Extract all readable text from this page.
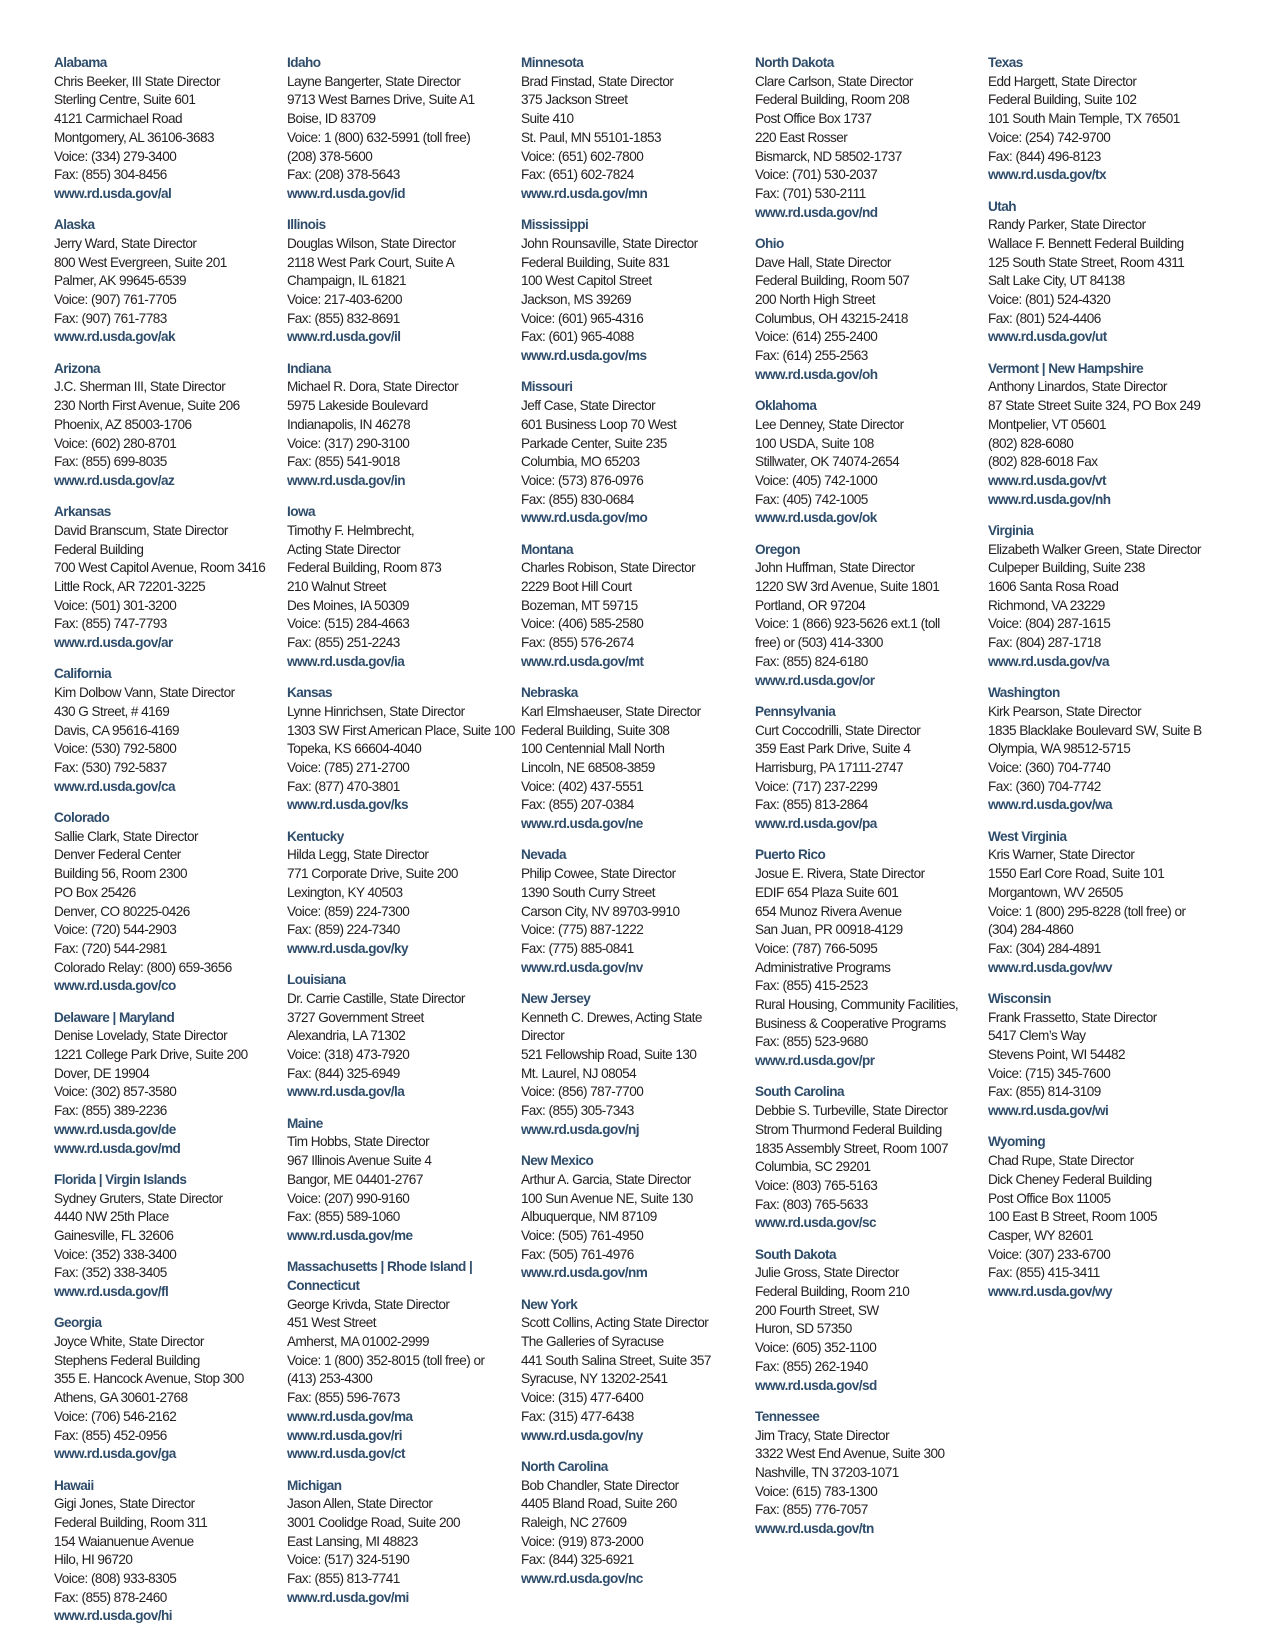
Alabama
Chris Beeker, III State Director
Sterling Centre, Suite 601
4121 Carmichael Road
Montgomery, AL 36106-3683
Voice: (334) 279-3400
Fax: (855) 304-8456
www.rd.usda.gov/al
Alaska
Jerry Ward, State Director
800 West Evergreen, Suite 201
Palmer, AK 99645-6539
Voice: (907) 761-7705
Fax: (907) 761-7783
www.rd.usda.gov/ak
Arizona
J.C. Sherman III, State Director
230 North First Avenue, Suite 206
Phoenix, AZ 85003-1706
Voice: (602) 280-8701
Fax: (855) 699-8035
www.rd.usda.gov/az
Arkansas
David Branscum, State Director
Federal Building
700 West Capitol Avenue, Room 3416
Little Rock, AR 72201-3225
Voice: (501) 301-3200
Fax: (855) 747-7793
www.rd.usda.gov/ar
California
Kim Dolbow Vann, State Director
430 G Street, # 4169
Davis, CA 95616-4169
Voice: (530) 792-5800
Fax: (530) 792-5837
www.rd.usda.gov/ca
Colorado
Sallie Clark, State Director
Denver Federal Center
Building 56, Room 2300
PO Box 25426
Denver, CO 80225-0426
Voice: (720) 544-2903
Fax: (720) 544-2981
Colorado Relay: (800) 659-3656
www.rd.usda.gov/co
Delaware | Maryland
Denise Lovelady, State Director
1221 College Park Drive, Suite 200
Dover, DE 19904
Voice: (302) 857-3580
Fax: (855) 389-2236
www.rd.usda.gov/de
www.rd.usda.gov/md
Florida | Virgin Islands
Sydney Gruters, State Director
4440 NW 25th Place
Gainesville, FL 32606
Voice: (352) 338-3400
Fax: (352) 338-3405
www.rd.usda.gov/fl
Georgia
Joyce White, State Director
Stephens Federal Building
355 E. Hancock Avenue, Stop 300
Athens, GA 30601-2768
Voice: (706) 546-2162
Fax: (855) 452-0956
www.rd.usda.gov/ga
Hawaii
Gigi Jones, State Director
Federal Building, Room 311
154 Waianuenue Avenue
Hilo, HI 96720
Voice: (808) 933-8305
Fax: (855) 878-2460
www.rd.usda.gov/hi
Idaho
Layne Bangerter, State Director
9713 West Barnes Drive, Suite A1
Boise, ID 83709
Voice: 1 (800) 632-5991 (toll free)
(208) 378-5600
Fax: (208) 378-5643
www.rd.usda.gov/id
Illinois
Douglas Wilson, State Director
2118 West Park Court, Suite A
Champaign, IL 61821
Voice: 217-403-6200
Fax: (855) 832-8691
www.rd.usda.gov/il
Indiana
Michael R. Dora, State Director
5975 Lakeside Boulevard
Indianapolis, IN 46278
Voice: (317) 290-3100
Fax: (855) 541-9018
www.rd.usda.gov/in
Iowa
Timothy F. Helmbrecht,
Acting State Director
Federal Building, Room 873
210 Walnut Street
Des Moines, IA 50309
Voice: (515) 284-4663
Fax: (855) 251-2243
www.rd.usda.gov/ia
Kansas
Lynne Hinrichsen, State Director
1303 SW First American Place, Suite 100
Topeka, KS 66604-4040
Voice: (785) 271-2700
Fax: (877) 470-3801
www.rd.usda.gov/ks
Kentucky
Hilda Legg, State Director
771 Corporate Drive, Suite 200
Lexington, KY 40503
Voice: (859) 224-7300
Fax: (859) 224-7340
www.rd.usda.gov/ky
Louisiana
Dr. Carrie Castille, State Director
3727 Government Street
Alexandria, LA 71302
Voice: (318) 473-7920
Fax: (844) 325-6949
www.rd.usda.gov/la
Maine
Tim Hobbs, State Director
967 Illinois Avenue Suite 4
Bangor, ME 04401-2767
Voice: (207) 990-9160
Fax: (855) 589-1060
www.rd.usda.gov/me
Massachusetts | Rhode Island | Connecticut
George Krivda, State Director
451 West Street
Amherst, MA 01002-2999
Voice: 1 (800) 352-8015 (toll free) or
(413) 253-4300
Fax: (855) 596-7673
www.rd.usda.gov/ma
www.rd.usda.gov/ri
www.rd.usda.gov/ct
Michigan
Jason Allen, State Director
3001 Coolidge Road, Suite 200
East Lansing, MI 48823
Voice: (517) 324-5190
Fax: (855) 813-7741
www.rd.usda.gov/mi
Minnesota
Brad Finstad, State Director
375 Jackson Street
Suite 410
St. Paul, MN 55101-1853
Voice: (651) 602-7800
Fax: (651) 602-7824
www.rd.usda.gov/mn
Mississippi
John Rounsaville, State Director
Federal Building, Suite 831
100 West Capitol Street
Jackson, MS 39269
Voice: (601) 965-4316
Fax: (601) 965-4088
www.rd.usda.gov/ms
Missouri
Jeff Case, State Director
601 Business Loop 70 West
Parkade Center, Suite 235
Columbia, MO 65203
Voice: (573) 876-0976
Fax: (855) 830-0684
www.rd.usda.gov/mo
Montana
Charles Robison, State Director
2229 Boot Hill Court
Bozeman, MT 59715
Voice: (406) 585-2580
Fax: (855) 576-2674
www.rd.usda.gov/mt
Nebraska
Karl Elmshaeuser, State Director
Federal Building, Suite 308
100 Centennial Mall North
Lincoln, NE 68508-3859
Voice: (402) 437-5551
Fax: (855) 207-0384
www.rd.usda.gov/ne
Nevada
Philip Cowee, State Director
1390 South Curry Street
Carson City, NV 89703-9910
Voice: (775) 887-1222
Fax: (775) 885-0841
www.rd.usda.gov/nv
New Jersey
Kenneth C. Drewes, Acting State
Director
521 Fellowship Road, Suite 130
Mt. Laurel, NJ 08054
Voice: (856) 787-7700
Fax: (855) 305-7343
www.rd.usda.gov/nj
New Mexico
Arthur A. Garcia, State Director
100 Sun Avenue NE, Suite 130
Albuquerque, NM 87109
Voice: (505) 761-4950
Fax: (505) 761-4976
www.rd.usda.gov/nm
New York
Scott Collins, Acting State Director
The Galleries of Syracuse
441 South Salina Street, Suite 357
Syracuse, NY 13202-2541
Voice: (315) 477-6400
Fax: (315) 477-6438
www.rd.usda.gov/ny
North Carolina
Bob Chandler, State Director
4405 Bland Road, Suite 260
Raleigh, NC 27609
Voice: (919) 873-2000
Fax: (844) 325-6921
www.rd.usda.gov/nc
North Dakota
Clare Carlson, State Director
Federal Building, Room 208
Post Office Box 1737
220 East Rosser
Bismarck, ND 58502-1737
Voice: (701) 530-2037
Fax: (701) 530-2111
www.rd.usda.gov/nd
Ohio
Dave Hall, State Director
Federal Building, Room 507
200 North High Street
Columbus, OH 43215-2418
Voice: (614) 255-2400
Fax: (614) 255-2563
www.rd.usda.gov/oh
Oklahoma
Lee Denney, State Director
100 USDA, Suite 108
Stillwater, OK 74074-2654
Voice: (405) 742-1000
Fax: (405) 742-1005
www.rd.usda.gov/ok
Oregon
John Huffman, State Director
1220 SW 3rd Avenue, Suite 1801
Portland, OR 97204
Voice: 1 (866) 923-5626 ext.1 (toll
free) or (503) 414-3300
Fax: (855) 824-6180
www.rd.usda.gov/or
Pennsylvania
Curt Coccodrilli, State Director
359 East Park Drive, Suite 4
Harrisburg, PA 17111-2747
Voice: (717) 237-2299
Fax: (855) 813-2864
www.rd.usda.gov/pa
Puerto Rico
Josue E. Rivera, State Director
EDIF 654 Plaza Suite 601
654 Munoz Rivera Avenue
San Juan, PR 00918-4129
Voice: (787) 766-5095
Administrative Programs
Fax: (855) 415-2523
Rural Housing, Community Facilities,
Business & Cooperative Programs
Fax: (855) 523-9680
www.rd.usda.gov/pr
South Carolina
Debbie S. Turbeville, State Director
Strom Thurmond Federal Building
1835 Assembly Street, Room 1007
Columbia, SC 29201
Voice: (803) 765-5163
Fax: (803) 765-5633
www.rd.usda.gov/sc
South Dakota
Julie Gross, State Director
Federal Building, Room 210
200 Fourth Street, SW
Huron, SD 57350
Voice: (605) 352-1100
Fax: (855) 262-1940
www.rd.usda.gov/sd
Tennessee
Jim Tracy, State Director
3322 West End Avenue, Suite 300
Nashville, TN 37203-1071
Voice: (615) 783-1300
Fax: (855) 776-7057
www.rd.usda.gov/tn
Texas
Edd Hargett, State Director
Federal Building, Suite 102
101 South Main Temple, TX 76501
Voice: (254) 742-9700
Fax: (844) 496-8123
www.rd.usda.gov/tx
Utah
Randy Parker, State Director
Wallace F. Bennett Federal Building
125 South State Street, Room 4311
Salt Lake City, UT 84138
Voice: (801) 524-4320
Fax: (801) 524-4406
www.rd.usda.gov/ut
Vermont | New Hampshire
Anthony Linardos, State Director
87 State Street Suite 324, PO Box 249
Montpelier, VT 05601
(802) 828-6080
(802) 828-6018 Fax
www.rd.usda.gov/vt
www.rd.usda.gov/nh
Virginia
Elizabeth Walker Green, State Director
Culpeper Building, Suite 238
1606 Santa Rosa Road
Richmond, VA 23229
Voice: (804) 287-1615
Fax: (804) 287-1718
www.rd.usda.gov/va
Washington
Kirk Pearson, State Director
1835 Blacklake Boulevard SW, Suite B
Olympia, WA 98512-5715
Voice: (360) 704-7740
Fax: (360) 704-7742
www.rd.usda.gov/wa
West Virginia
Kris Warner, State Director
1550 Earl Core Road, Suite 101
Morgantown, WV 26505
Voice: 1 (800) 295-8228 (toll free) or
(304) 284-4860
Fax: (304) 284-4891
www.rd.usda.gov/wv
Wisconsin
Frank Frassetto, State Director
5417 Clem’s Way
Stevens Point, WI 54482
Voice: (715) 345-7600
Fax: (855) 814-3109
www.rd.usda.gov/wi
Wyoming
Chad Rupe, State Director
Dick Cheney Federal Building
Post Office Box 11005
100 East B Street, Room 1005
Casper, WY 82601
Voice: (307) 233-6700
Fax: (855) 415-3411
www.rd.usda.gov/wy
